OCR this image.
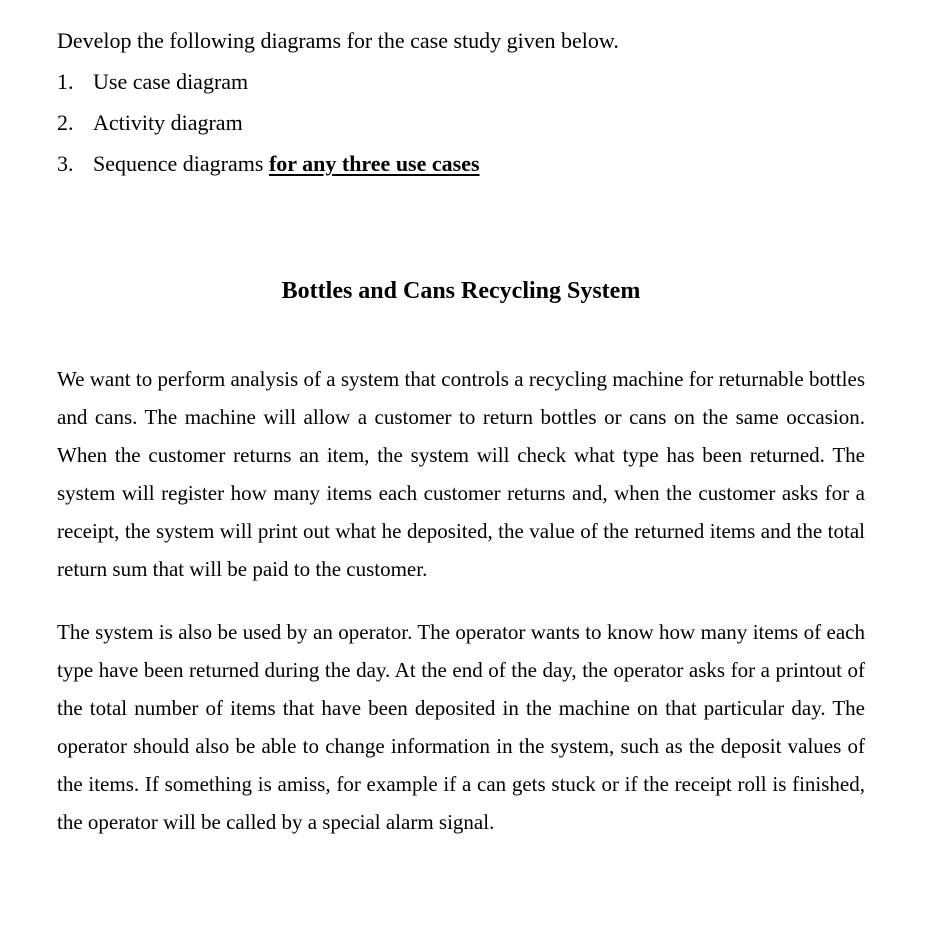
Develop the following diagrams for the case study given below.
1. Use case diagram
2. Activity diagram
3. Sequence diagrams for any three use cases
Bottles and Cans Recycling System

We want to perform analysis of a system that controls a recycling machine for returnable bottles and cans. The machine will allow a customer to return bottles or cans on the same occasion. When the customer returns an item, the system will check what type has been returned. The system will register how many items each customer returns and, when the customer asks for a receipt, the system will print out what he deposited, the value of the returned items and the total return sum that will be paid to the customer.

The system is also be used by an operator. The operator wants to know how many items of each type have been returned during the day. At the end of the day, the operator asks for a printout of the total number of items that have been deposited in the machine on that particular day. The operator should also be able to change information in the system, such as the deposit values of the items. If something is amiss, for example if a can gets stuck or if the receipt roll is finished, the operator will be called by a special alarm signal.
